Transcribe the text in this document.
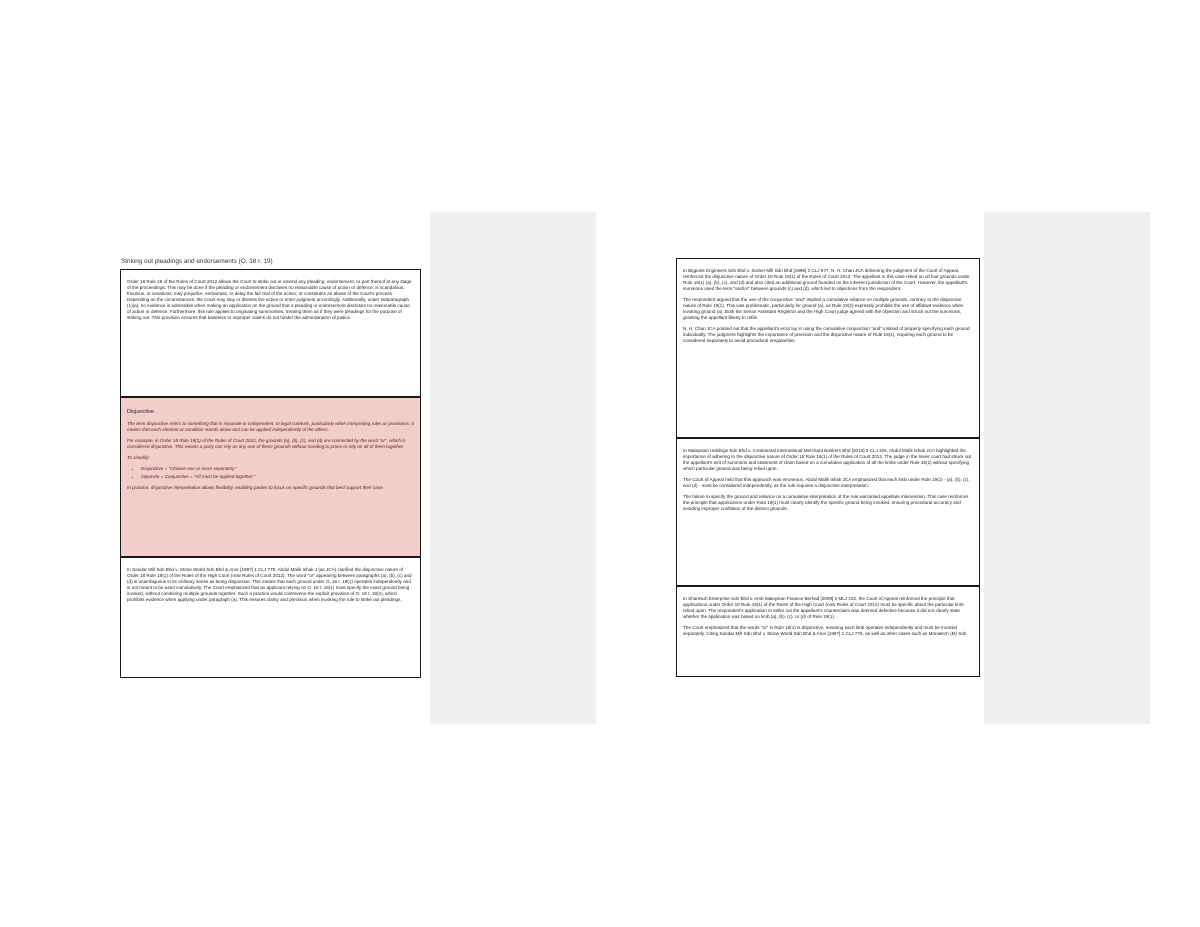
Striking out pleadings and endorsements (O. 18 r. 19)

Order 18 Rule 19 of the Rules of Court 2012 allows the Court to strike out or amend any pleading, endorsement, or part thereof at any stage of the proceedings. This may be done if the pleading or endorsement discloses no reasonable cause of action or defence; is scandalous, frivolous, or vexatious; may prejudice, embarrass, or delay the fair trial of the action; or constitutes an abuse of the Court's process. Depending on the circumstances, the Court may stay or dismiss the action or enter judgment accordingly. Additionally, under subparagraph (1)(a), no evidence is admissible when making an application on the ground that a pleading or endorsement discloses no reasonable cause of action or defence. Furthermore, this rule applies to originating summonses, treating them as if they were pleadings for the purpose of striking out. This provision ensures that baseless or improper claims do not hinder the administration of justice.

Disjunctive

The term disjunctive refers to something that is separate or independent. In legal contexts, particularly when interpreting rules or provisions, it means that each element or condition stands alone and can be applied independently of the others.

For example, in Order 18 Rule 19(1) of the Rules of Court 2012, the grounds (a), (b), (c), and (d) are connected by the word "or", which is considered disjunctive. This means a party can rely on any one of these grounds without needing to prove or rely on all of them together.

To simplify:

• Disjunctive = "Choose one or more separately."
• Opposite = Conjunctive = "All must be applied together."

In practice, disjunctive interpretation allows flexibility, enabling parties to focus on specific grounds that best support their case.

In Sandar Mill Sdn Bhd v. Stone World Sdn Bhd & Anor [1997] 1 CLJ 775, Abdul Malik Ishak J (as JCA) clarified the disjunctive nature of Order 18 Rule 19(1) of the Rules of the High Court (now Rules of Court 2012). The word "or" appearing between paragraphs (a), (b), (c) and (d) is unambiguous in its ordinary sense as being disjunctive. This means that each ground under O. 18 r. 19(1) operates independently and is not meant to be used cumulatively. The Court emphasized that an applicant relying on O. 18 r. 19(1) must specify the exact ground being invoked, without combining multiple grounds together. Such a practice would contravene the explicit provision of O. 18 r. 19(2), which prohibits evidence when applying under paragraph (a). This ensures clarity and precision when invoking the rule to strike out pleadings.

In Bigpoint Engineers Sdn Bhd v. Sorber Mill Sdn Bhd [1999] 3 CLJ 677, N. H. Chan JCA delivering the judgment of the Court of Appeal, reinforced the disjunctive nature of Order 18 Rule 19(1) of the Rules of Court 2012. The appellant in this case relied on all four grounds under Rule 19(1) (a), (b), (c), and (d) and also cited an additional ground founded on the inherent jurisdiction of the Court. However, the appellant's summons used the term "and/or" between grounds (c) and (d), which led to objections from the respondent.

The respondent argued that the use of the conjunctive "and" implied a cumulative reliance on multiple grounds, contrary to the disjunctive nature of Rule 19(1). This was problematic, particularly for ground (a), as Rule 19(2) expressly prohibits the use of affidavit evidence when invoking ground (a). Both the Senior Assistant Registrar and the High Court judge agreed with the objection and struck out the summons, granting the appellant liberty to refile.

N. H. Chan JCA pointed out that the appellant's error lay in using the cumulative conjunction "and" instead of properly specifying each ground individually. The judgment highlights the importance of precision and the disjunctive nature of Rule 19(1), requiring each ground to be considered separately to avoid procedural irregularities.

In Malaysian Holdings Sdn Bhd v. Continental International Merchant Bankers Bhd [2015] 3 CLJ 326, Abdul Malik Ishak JCA highlighted the importance of adhering to the disjunctive nature of Order 18 Rule 19(1) of the Rules of Court 2012. The judge in the lower court had struck out the appellant's writ of summons and statement of claim based on a cumulative application of all the limbs under Rule 19(1) without specifying which particular ground was being relied upon.

The Court of Appeal held that this approach was erroneous. Abdul Malik Ishak JCA emphasized that each limb under Rule 19(1) - (a), (b), (c), and (d) - must be considered independently, as the rule requires a disjunctive interpretation.

The failure to specify the ground and reliance on a cumulative interpretation of the rule warranted appellate intervention. This case reinforces the principle that applications under Rule 19(1) must clearly identify the specific ground being invoked, ensuring procedural accuracy and avoiding improper conflation of the distinct grounds.

In Shamsuh Enterprise Sdn Bhd v. Amb Malaysian Finance Berhad [2009] 2 MLJ 102, the Court of Appeal reinforced the principle that applications under Order 18 Rule 19(1) of the Rules of the High Court (now Rules of Court 2012) must be specific about the particular limb relied upon. The respondent's application to strike out the appellant's counterclaim was deemed defective because it did not clearly state whether the application was based on limb (a), (b), (c), or (d) of Rule 19(1).

The Court emphasized that the words "or" in Rule 19(1) is disjunctive, meaning each limb operates independently and must be invoked separately. Citing Sandar Mill Sdn Bhd v. Stone World Sdn Bhd & Anor [1997] 1 CLJ 775, as well as other cases such as Monatech (M) Sdn
